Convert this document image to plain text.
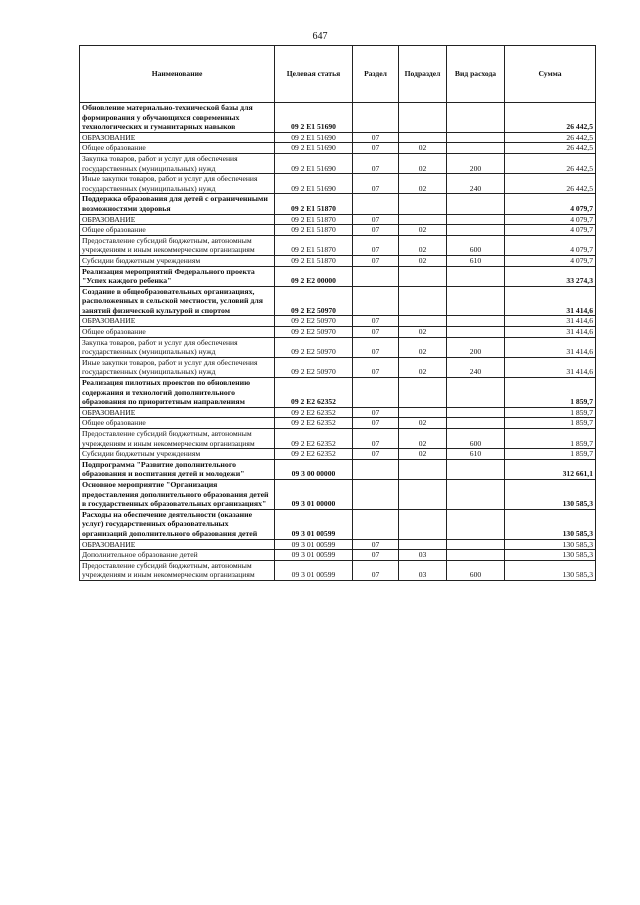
647
Наименование	Целевая статья	Раздел	Подраздел	Вид расхода	Сумма
Обновление материально-технической базы для формирования у обучающихся современных технологических и гуманитарных навыков	09 2 E1 51690				26 442,5
ОБРАЗОВАНИЕ	09 2 E1 51690	07			26 442,5
Общее образование	09 2 E1 51690	07	02		26 442,5
Закупка товаров, работ и услуг для обеспечения государственных (муниципальных) нужд	09 2 E1 51690	07	02	200	26 442,5
Иные закупки товаров, работ и услуг для обеспечения государственных (муниципальных) нужд	09 2 E1 51690	07	02	240	26 442,5
Поддержка образования для детей с ограниченными возможностями здоровья	09 2 E1 51870				4 079,7
ОБРАЗОВАНИЕ	09 2 E1 51870	07			4 079,7
Общее образование	09 2 E1 51870	07	02		4 079,7
Предоставление субсидий бюджетным, автономным учреждениям и иным некоммерческим организациям	09 2 E1 51870	07	02	600	4 079,7
Субсидии бюджетным учреждениям	09 2 E1 51870	07	02	610	4 079,7
Реализация мероприятий Федерального проекта "Успех каждого ребенка"	09 2 E2 00000				33 274,3
Создание в общеобразовательных организациях, расположенных в сельской местности, условий для занятий физической культурой и спортом	09 2 E2 50970				31 414,6
ОБРАЗОВАНИЕ	09 2 E2 50970	07			31 414,6
Общее образование	09 2 E2 50970	07	02		31 414,6
Закупка товаров, работ и услуг для обеспечения государственных (муниципальных) нужд	09 2 E2 50970	07	02	200	31 414,6
Иные закупки товаров, работ и услуг для обеспечения государственных (муниципальных) нужд	09 2 E2 50970	07	02	240	31 414,6
Реализация пилотных проектов по обновлению содержания и технологий дополнительного образования по приоритетным направлениям	09 2 E2 62352				1 859,7
ОБРАЗОВАНИЕ	09 2 E2 62352	07			1 859,7
Общее образование	09 2 E2 62352	07	02		1 859,7
Предоставление субсидий бюджетным, автономным учреждениям и иным некоммерческим организациям	09 2 E2 62352	07	02	600	1 859,7
Субсидии бюджетным учреждениям	09 2 E2 62352	07	02	610	1 859,7
Подпрограмма "Развитие дополнительного образования и воспитания детей и молодежи"	09 3 00 00000				312 661,1
Основное мероприятие "Организация предоставления дополнительного образования детей в государственных образовательных организациях"	09 3 01 00000				130 585,3
Расходы на обеспечение деятельности (оказание услуг) государственных образовательных организаций дополнительного образования детей	09 3 01 00599				130 585,3
ОБРАЗОВАНИЕ	09 3 01 00599	07			130 585,3
Дополнительное образование детей	09 3 01 00599	07	03		130 585,3
Предоставление субсидий бюджетным, автономным учреждениям и иным некоммерческим организациям	09 3 01 00599	07	03	600	130 585,3
